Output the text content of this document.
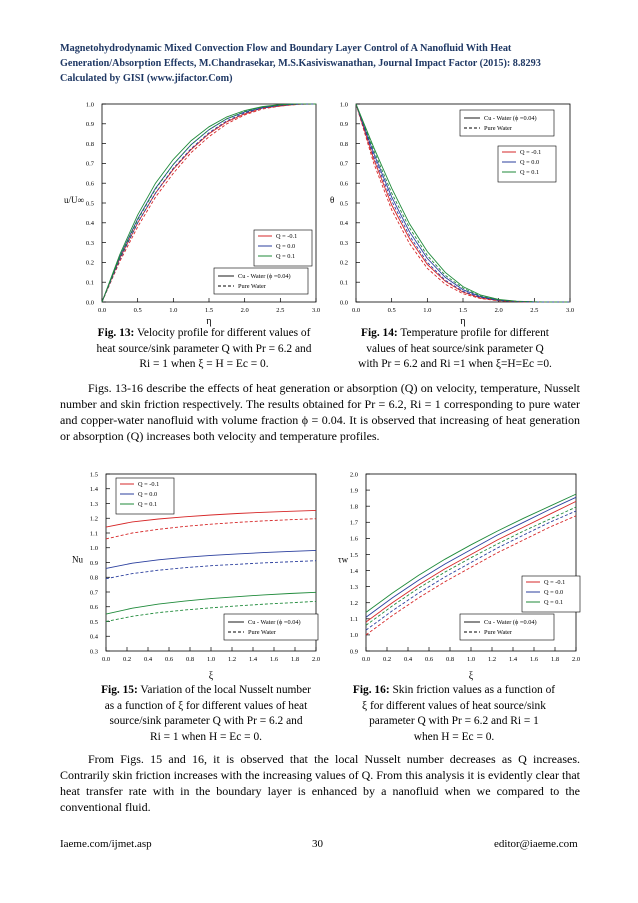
Magnetohydrodynamic Mixed Convection Flow and Boundary Layer Control of A Nanofluid With Heat
Generation/Absorption Effects, M.Chandrasekar, M.S.Kasiviswanathan, Journal Impact Factor (2015): 8.8293
Calculated by GISI (www.jifactor.Com)
0.0	0.5	1.0	1.5	2.0	2.5	3.0
0.0
0.1
0.2
0.3
0.4
0.5
0.6
0.7
0.8
0.9
1.0
η
u/U∞
Q = -0.1
Q = 0.0
Q = 0.1
Cu - Water (ϕ =0.04)
Pure Water
0.0	0.5	1.0	1.5	2.0	2.5	3.0
0.0
0.1
0.2
0.3
0.4
0.5
0.6
0.7
0.8
0.9
1.0
η
θ
Q = -0.1
Q = 0.0
Q = 0.1
Cu - Water (ϕ =0.04)
Pure Water
Fig. 13: Velocity profile for different values of
heat source/sink parameter Q with Pr = 6.2 and
Ri = 1 when ξ = H = Ec = 0.
Fig. 14: Temperature profile for different
values of heat source/sink parameter Q
with Pr = 6.2 and Ri =1 when ξ=H=Ec =0.
Figs. 13-16 describe the effects of heat generation or absorption (Q) on velocity, temperature, Nusselt number and skin friction respectively. The results obtained for Pr = 6.2, Ri = 1 corresponding to pure water and copper-water nanofluid with volume fraction ϕ = 0.04. It is observed that increasing of heat generation or absorption (Q) increases both velocity and temperature profiles.
0.0 0.2 0.4 0.6 0.8 1.0 1.2 1.4 1.6 1.8 2.0
0.3
0.4
0.5
0.6
0.7
0.8
0.9
1.0
1.1
1.2
1.3
1.4
1.5
ξ
Nu
Q = -0.1
Q = 0.0
Q = 0.1
Cu - Water (ϕ =0.04)
Pure Water
0.0 0.2 0.4 0.6 0.8 1.0 1.2 1.4 1.6 1.8 2.0
0.9
1.0
1.1
1.2
1.3
1.4
1.5
1.6
1.7
1.8
1.9
2.0
ξ
τw
Q = -0.1
Q = 0.0
Q = 0.1
Cu - Water (ϕ =0.04)
Pure Water
Fig. 15: Variation of the local Nusselt number
as a function of ξ for different values of heat
source/sink parameter Q with Pr = 6.2 and
Ri = 1 when H = Ec = 0.
Fig. 16: Skin friction values as a function of
ξ for different values of heat source/sink
parameter Q with Pr = 6.2 and Ri = 1
when H = Ec = 0.
From Figs. 15 and 16, it is observed that the local Nusselt number decreases as Q increases. Contrarily skin friction increases with the increasing values of Q. From this analysis it is evidently clear that heat transfer rate with in the boundary layer is enhanced by a nanofluid when we compared to the conventional fluid.
Iaeme.com/ijmet.asp	30	editor@iaeme.com
